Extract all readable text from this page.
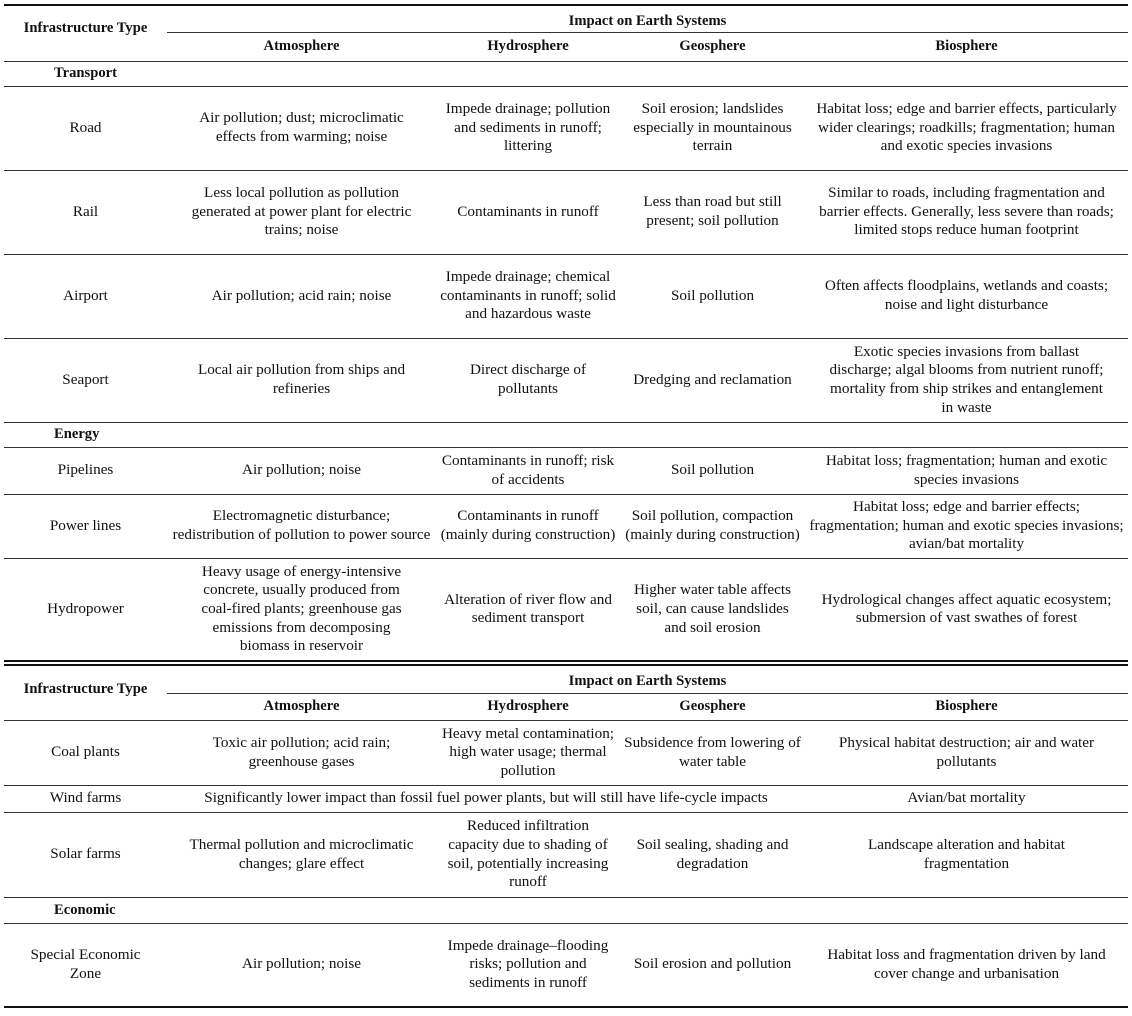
Infrastructure Type	Impact on Earth Systems			
	Atmosphere	Hydrosphere	Geosphere	Biosphere
Transport				
Road	Air pollution; dust; microclimatic effects from warming; noise	Impede drainage; pollution and sediments in runoff; littering	Soil erosion; landslides especially in mountainous terrain	Habitat loss; edge and barrier effects, particularly wider clearings; roadkills; fragmentation; human and exotic species invasions
Rail	Less local pollution as pollution generated at power plant for electric trains; noise	Contaminants in runoff	Less than road but still present; soil pollution	Similar to roads, including fragmentation and barrier effects. Generally, less severe than roads; limited stops reduce human footprint
Airport	Air pollution; acid rain; noise	Impede drainage; chemical contaminants in runoff; solid and hazardous waste	Soil pollution	Often affects floodplains, wetlands and coasts; noise and light disturbance
Seaport	Local air pollution from ships and refineries	Direct discharge of pollutants	Dredging and reclamation	Exotic species invasions from ballast discharge; algal blooms from nutrient runoff; mortality from ship strikes and entanglement in waste
Energy				
Pipelines	Air pollution; noise	Contaminants in runoff; risk of accidents	Soil pollution	Habitat loss; fragmentation; human and exotic species invasions
Power lines	Electromagnetic disturbance; redistribution of pollution to power source	Contaminants in runoff (mainly during construction)	Soil pollution, compaction (mainly during construction)	Habitat loss; edge and barrier effects; fragmentation; human and exotic species invasions; avian/bat mortality
Hydropower	Heavy usage of energy-intensive concrete, usually produced from coal-fired plants; greenhouse gas emissions from decomposing biomass in reservoir	Alteration of river flow and sediment transport	Higher water table affects soil, can cause landslides and soil erosion	Hydrological changes affect aquatic ecosystem; submersion of vast swathes of forest
Infrastructure Type	Impact on Earth Systems			
	Atmosphere	Hydrosphere	Geosphere	Biosphere
Coal plants	Toxic air pollution; acid rain; greenhouse gases	Heavy metal contamination; high water usage; thermal pollution	Subsidence from lowering of water table	Physical habitat destruction; air and water pollutants
Wind farms	Significantly lower impact than fossil fuel power plants, but will still have life-cycle impacts			Avian/bat mortality
Solar farms	Thermal pollution and microclimatic changes; glare effect	Reduced infiltration capacity due to shading of soil, potentially increasing runoff	Soil sealing, shading and degradation	Landscape alteration and habitat fragmentation
Economic				
Special Economic Zone	Air pollution; noise	Impede drainage–flooding risks; pollution and sediments in runoff	Soil erosion and pollution	Habitat loss and fragmentation driven by land cover change and urbanisation
